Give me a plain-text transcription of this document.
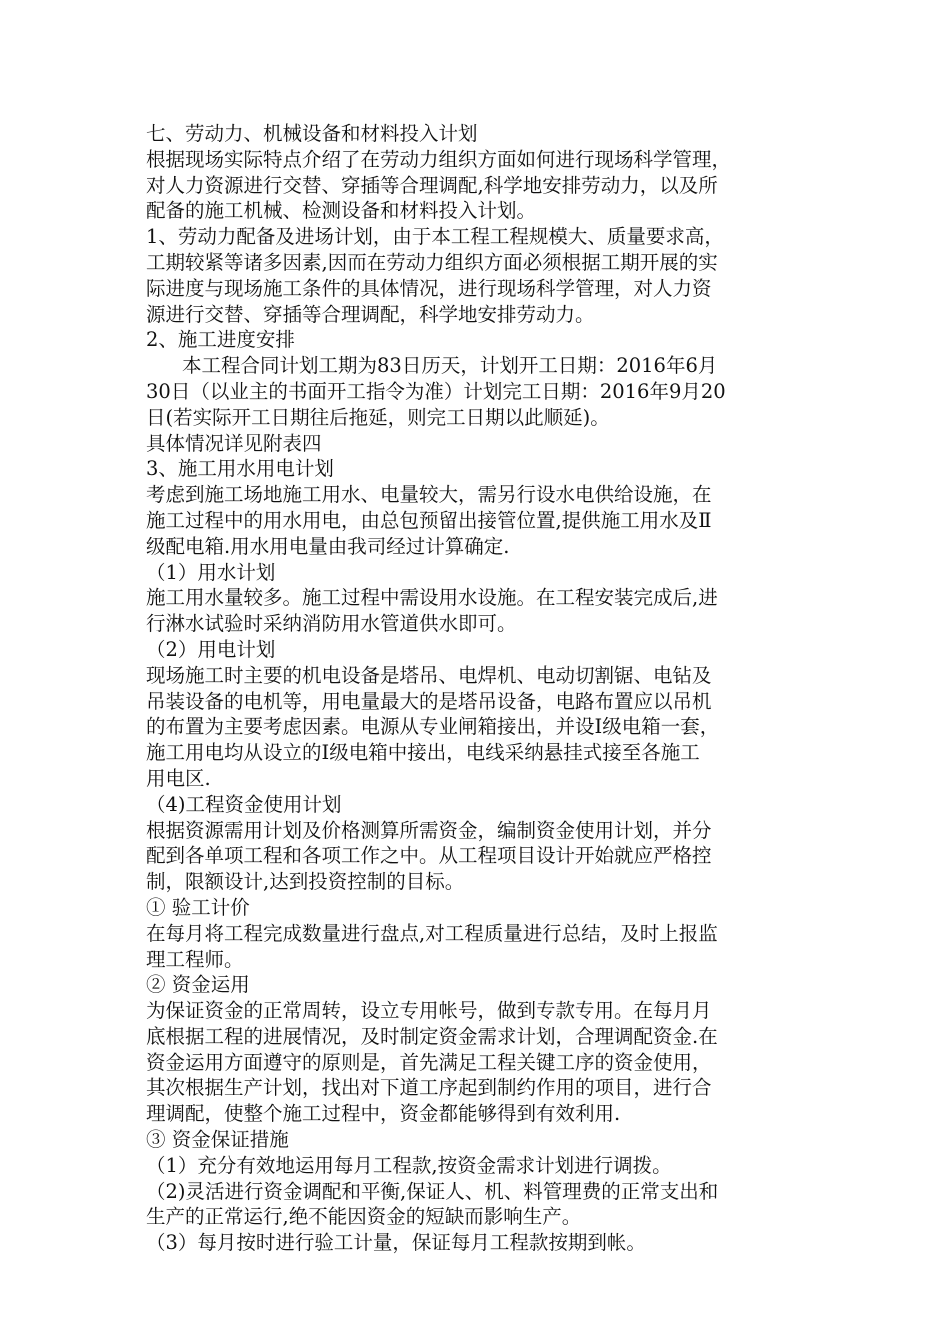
七、劳动力、机械设备和材料投入计划
根据现场实际特点介绍了在劳动力组织方面如何进行现场科学管理，
对人力资源进行交替、穿插等合理调配,科学地安排劳动力，以及所
配备的施工机械、检测设备和材料投入计划。
1、劳动力配备及进场计划，由于本工程工程规模大、质量要求高，
工期较紧等诸多因素,因而在劳动力组织方面必须根据工期开展的实
际进度与现场施工条件的具体情况，进行现场科学管理，对人力资
源进行交替、穿插等合理调配，科学地安排劳动力。
2、施工进度安排
本工程合同计划工期为83日历天，计划开工日期：2016年6月
30日（以业主的书面开工指令为准）计划完工日期：2016年9月20
日(若实际开工日期往后拖延，则完工日期以此顺延)。
具体情况详见附表四
3、施工用水用电计划
考虑到施工场地施工用水、电量较大，需另行设水电供给设施，在
施工过程中的用水用电，由总包预留出接管位置,提供施工用水及Ⅱ
级配电箱.用水用电量由我司经过计算确定.
（1）用水计划
施工用水量较多。施工过程中需设用水设施。在工程安装完成后,进
行淋水试验时采纳消防用水管道供水即可。
（2）用电计划
现场施工时主要的机电设备是塔吊、电焊机、电动切割锯、电钻及
吊装设备的电机等，用电量最大的是塔吊设备，电路布置应以吊机
的布置为主要考虑因素。电源从专业闸箱接出，并设Ⅰ级电箱一套，
施工用电均从设立的Ⅰ级电箱中接出，电线采纳悬挂式接至各施工
用电区.
（4)工程资金使用计划
根据资源需用计划及价格测算所需资金，编制资金使用计划，并分
配到各单项工程和各项工作之中。从工程项目设计开始就应严格控
制，限额设计,达到投资控制的目标。
① 验工计价
在每月将工程完成数量进行盘点,对工程质量进行总结，及时上报监
理工程师。
② 资金运用
为保证资金的正常周转，设立专用帐号，做到专款专用。在每月月
底根据工程的进展情况，及时制定资金需求计划，合理调配资金.在
资金运用方面遵守的原则是，首先满足工程关键工序的资金使用，
其次根据生产计划，找出对下道工序起到制约作用的项目，进行合
理调配，使整个施工过程中，资金都能够得到有效利用.
③ 资金保证措施
（1）充分有效地运用每月工程款,按资金需求计划进行调拨。
（2)灵活进行资金调配和平衡,保证人、机、料管理费的正常支出和
生产的正常运行,绝不能因资金的短缺而影响生产。
（3）每月按时进行验工计量，保证每月工程款按期到帐。
